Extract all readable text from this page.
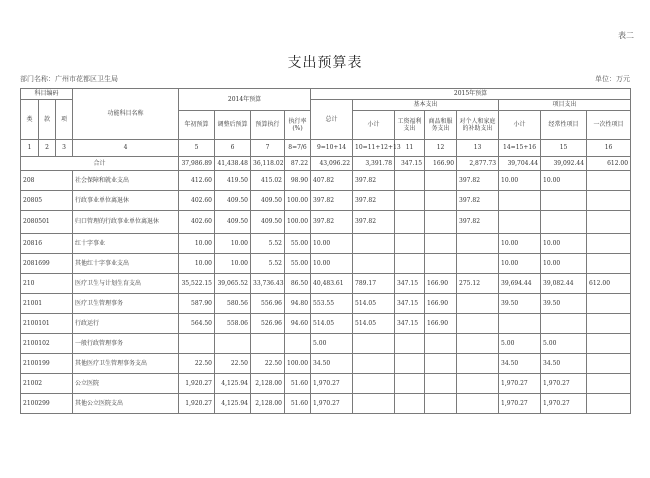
表二
支出预算表
部门名称：广州市花都区卫生局	单位：万元
科目编码			功能科目名称	2014年预算				2015年预算							
类	款	项						总计	基本支出				项目支出		
				年初预算	调整后预算	预算执行	执行率(%)		小计	工资福利支出	商品和服务支出	对个人和家庭的补助支出	小计	经常性项目	一次性项目
1	2	3	4	5	6	7	8=7/6	9=10+14	10=11+12+13	11	12	13	14=15+16	15	16
合计				37,986.89	41,438.48	36,118.02	87.22	43,096.22	3,391.78	347.15	166.90	2,877.73	39,704.44	39,092.44	612.00
208			社会保障和就业支出	412.60	419.50	415.02	98.90	407.82	397.82			397.82	10.00	10.00	
20805			行政事业单位离退休	402.60	409.50	409.50	100.00	397.82	397.82			397.82			
2080501			归口管理的行政事业单位离退休	402.60	409.50	409.50	100.00	397.82	397.82			397.82			
20816			红十字事业	10.00	10.00	5.52	55.00	10.00					10.00	10.00	
2081699			其他红十字事业支出	10.00	10.00	5.52	55.00	10.00					10.00	10.00	
210			医疗卫生与计划生育支出	35,522.15	39,065.52	33,736.43	86.50	40,483.61	789.17	347.15	166.90	275.12	39,694.44	39,082.44	612.00
21001			医疗卫生管理事务	587.90	580.56	556.96	94.80	553.55	514.05	347.15	166.90		39.50	39.50	
2100101			行政运行	564.50	558.06	526.96	94.60	514.05	514.05	347.15	166.90				
2100102			一般行政管理事务					5.00					5.00	5.00	
2100199			其他医疗卫生管理事务支出	22.50	22.50	22.50	100.00	34.50					34.50	34.50	
21002			公立医院	1,920.27	4,125.94	2,128.00	51.60	1,970.27					1,970.27	1,970.27	
2100299			其他公立医院支出	1,920.27	4,125.94	2,128.00	51.60	1,970.27					1,970.27	1,970.27	
